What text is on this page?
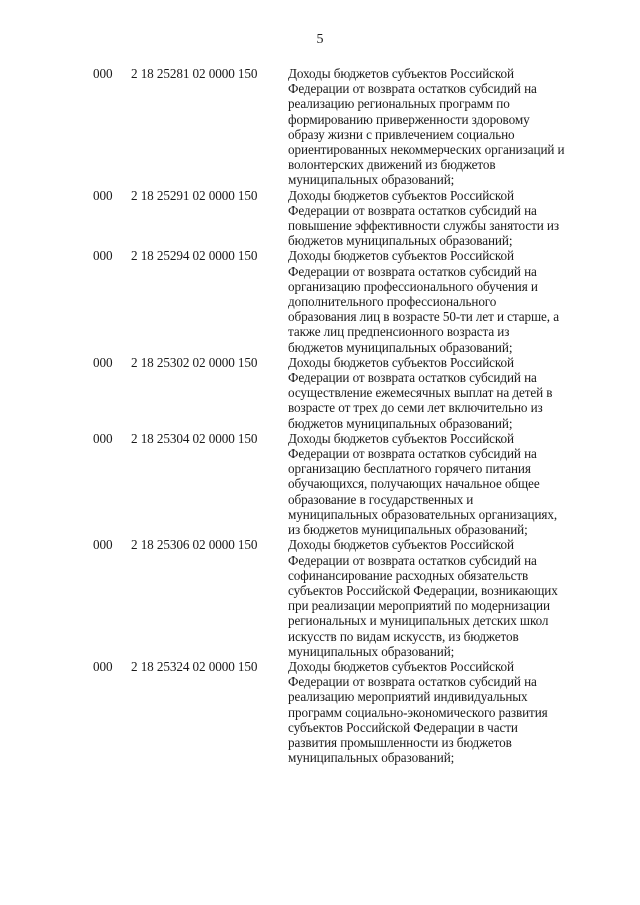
5
000 2 18 25281 02 0000 150 Доходы бюджетов субъектов Российской
Федерации от возврата остатков субсидий на
реализацию региональных программ по
формированию приверженности здоровому
образу жизни с привлечением социально
ориентированных некоммерческих организаций и
волонтерских движений из бюджетов
муниципальных образований;
000 2 18 25291 02 0000 150 Доходы бюджетов субъектов Российской
Федерации от возврата остатков субсидий на
повышение эффективности службы занятости из
бюджетов муниципальных образований;
000 2 18 25294 02 0000 150 Доходы бюджетов субъектов Российской
Федерации от возврата остатков субсидий на
организацию профессионального обучения и
дополнительного профессионального
образования лиц в возрасте 50-ти лет и старше, а
также лиц предпенсионного возраста из
бюджетов муниципальных образований;
000 2 18 25302 02 0000 150 Доходы бюджетов субъектов Российской
Федерации от возврата остатков субсидий на
осуществление ежемесячных выплат на детей в
возрасте от трех до семи лет включительно из
бюджетов муниципальных образований;
000 2 18 25304 02 0000 150 Доходы бюджетов субъектов Российской
Федерации от возврата остатков субсидий на
организацию бесплатного горячего питания
обучающихся, получающих начальное общее
образование в государственных и
муниципальных образовательных организациях,
из бюджетов муниципальных образований;
000 2 18 25306 02 0000 150 Доходы бюджетов субъектов Российской
Федерации от возврата остатков субсидий на
софинансирование расходных обязательств
субъектов Российской Федерации, возникающих
при реализации мероприятий по модернизации
региональных и муниципальных детских школ
искусств по видам искусств, из бюджетов
муниципальных образований;
000 2 18 25324 02 0000 150 Доходы бюджетов субъектов Российской
Федерации от возврата остатков субсидий на
реализацию мероприятий индивидуальных
программ социально-экономического развития
субъектов Российской Федерации в части
развития промышленности из бюджетов
муниципальных образований;
